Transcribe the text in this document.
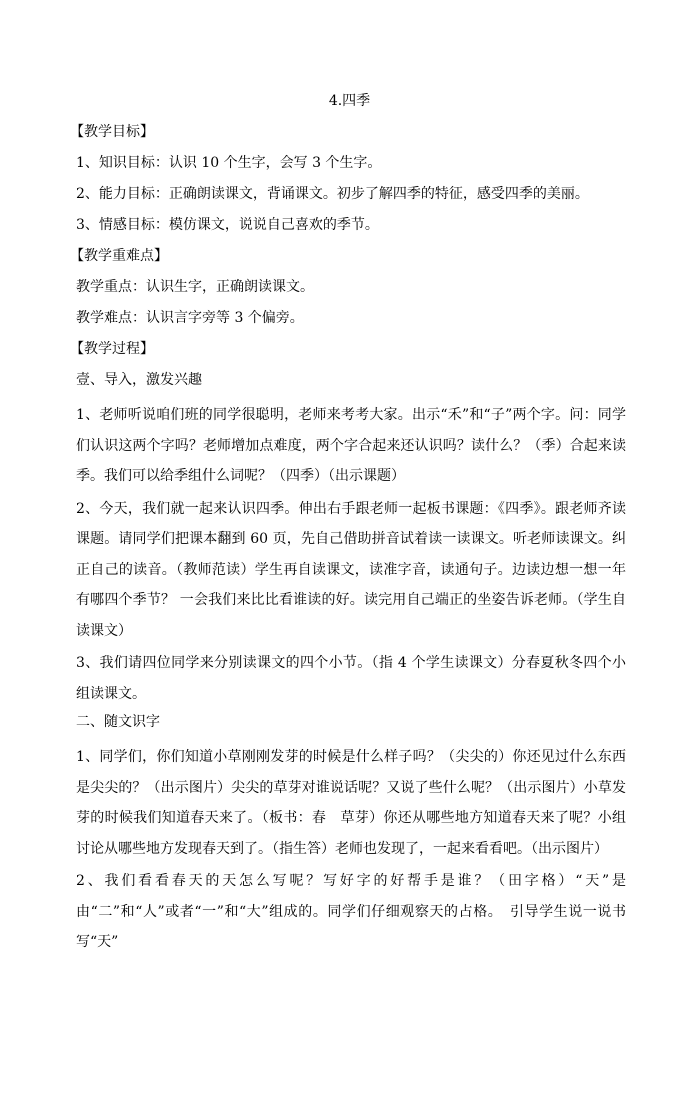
4.四季

【教学目标】

1、知识目标：认识 10 个生字，会写 3 个生字。

2、能力目标：正确朗读课文，背诵课文。初步了解四季的特征，感受四季的美丽。

3、情感目标：模仿课文，说说自己喜欢的季节。

【教学重难点】

教学重点：认识生字，正确朗读课文。

教学难点：认识言字旁等 3 个偏旁。

【教学过程】

壹、导入，激发兴趣

1、老师听说咱们班的同学很聪明，老师来考考大家。出示“禾”和“子”两个字。问：同学们认识这两个字吗？老师增加点难度，两个字合起来还认识吗？读什么？（季）合起来读季。我们可以给季组什么词呢？（四季）（出示课题）

2、今天，我们就一起来认识四季。伸出右手跟老师一起板书课题：《四季》。跟老师齐读课题。请同学们把课本翻到 60 页，先自己借助拼音试着读一读课文。听老师读课文。纠正自己的读音。（教师范读）学生再自读课文，读准字音，读通句子。边读边想一想一年有哪四个季节？ 一会我们来比比看谁读的好。读完用自己端正的坐姿告诉老师。（学生自读课文）

3、我们请四位同学来分别读课文的四个小节。（指 4 个学生读课文）分春夏秋冬四个小组读课文。

二、随文识字

1、同学们，你们知道小草刚刚发芽的时候是什么样子吗？（尖尖的）你还见过什么东西是尖尖的？（出示图片）尖尖的草芽对谁说话呢？又说了些什么呢？（出示图片）小草发芽的时候我们知道春天来了。（板书：春　草芽）你还从哪些地方知道春天来了呢？小组讨论从哪些地方发现春天到了。（指生答）老师也发现了，一起来看看吧。（出示图片）

2、我们看看春天的天怎么写呢？写好字的好帮手是谁？（田字格）“天”是由“二”和“人”或者“一”和“大”组成的。同学们仔细观察天的占格。　引导学生说一说书写“天”
